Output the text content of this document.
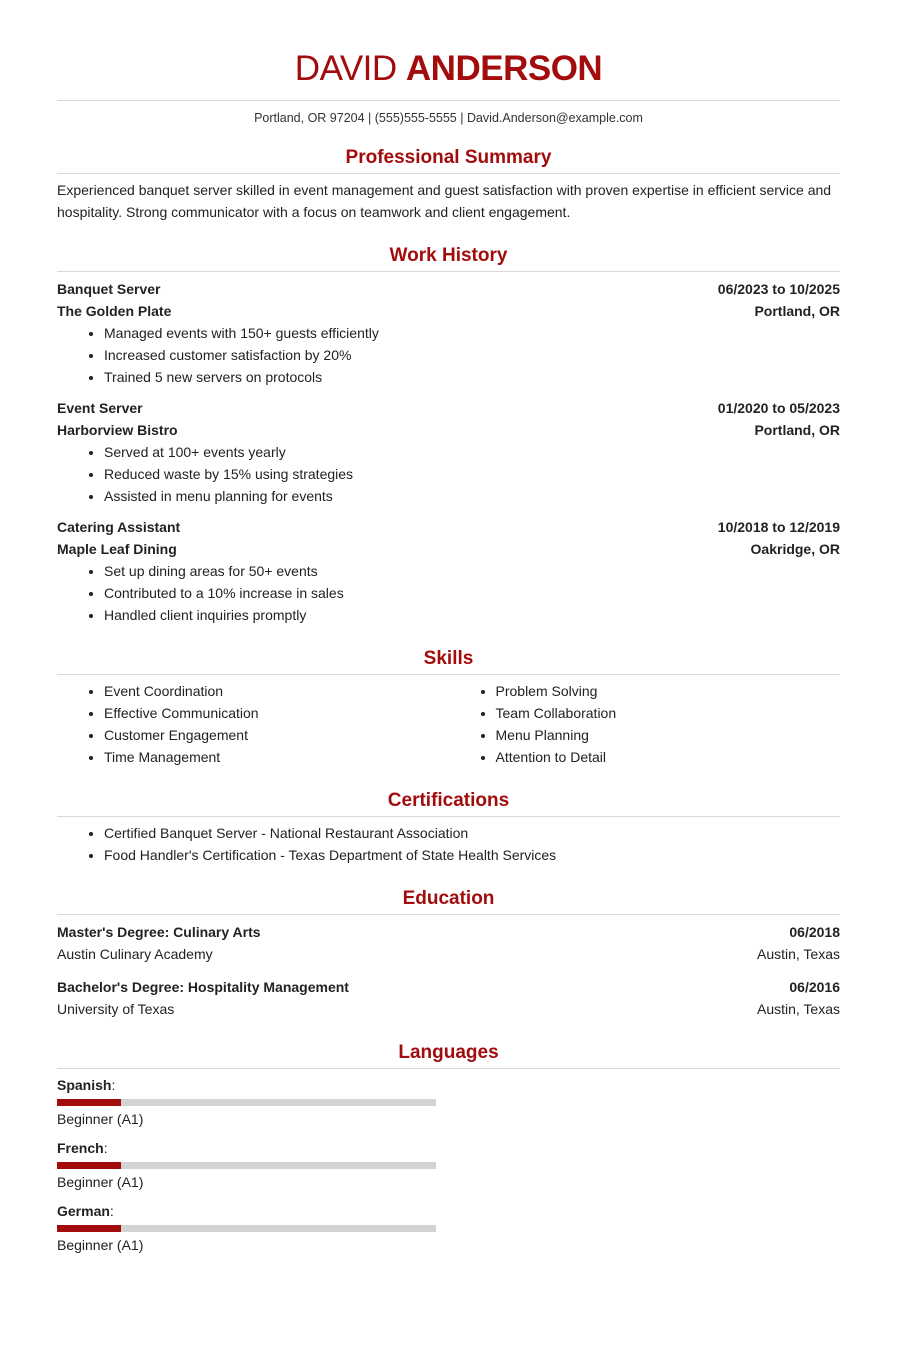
DAVID ANDERSON
Portland, OR 97204 | (555)555-5555 | David.Anderson@example.com
Professional Summary
Experienced banquet server skilled in event management and guest satisfaction with proven expertise in efficient service and hospitality. Strong communicator with a focus on teamwork and client engagement.
Work History
Banquet Server	06/2023 to 10/2025
The Golden Plate	Portland, OR
• Managed events with 150+ guests efficiently
• Increased customer satisfaction by 20%
• Trained 5 new servers on protocols
Event Server	01/2020 to 05/2023
Harborview Bistro	Portland, OR
• Served at 100+ events yearly
• Reduced waste by 15% using strategies
• Assisted in menu planning for events
Catering Assistant	10/2018 to 12/2019
Maple Leaf Dining	Oakridge, OR
• Set up dining areas for 50+ events
• Contributed to a 10% increase in sales
• Handled client inquiries promptly
Skills
• Event Coordination
• Effective Communication
• Customer Engagement
• Time Management
• Problem Solving
• Team Collaboration
• Menu Planning
• Attention to Detail
Certifications
• Certified Banquet Server - National Restaurant Association
• Food Handler's Certification - Texas Department of State Health Services
Education
Master's Degree: Culinary Arts	06/2018
Austin Culinary Academy	Austin, Texas
Bachelor's Degree: Hospitality Management	06/2016
University of Texas	Austin, Texas
Languages
Spanish:
Beginner (A1)
French:
Beginner (A1)
German:
Beginner (A1)
